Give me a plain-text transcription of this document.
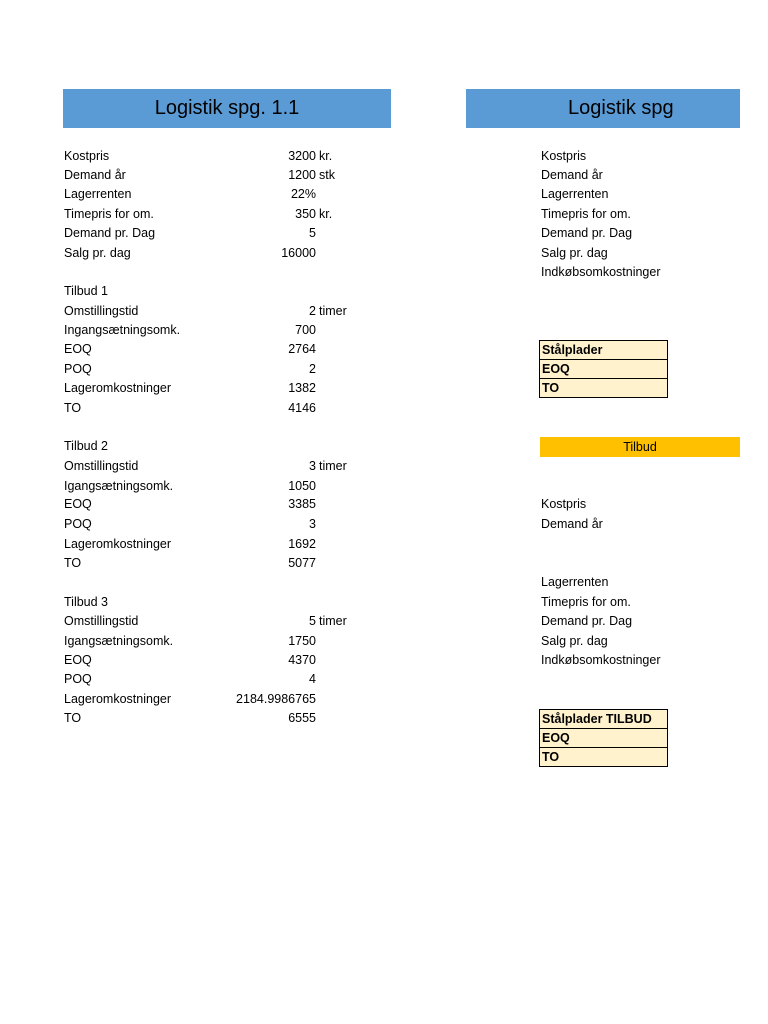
Logistik spg. 1.1	Logistik spg
Kostpris	3200 kr.
Demand år	1200 stk
Lagerrenten	22%
Timepris for om.	350 kr.
Demand pr. Dag	5
Salg pr. dag	16000
Tilbud 1
Omstillingstid	2 timer
Ingangsætningsomk.	700
EOQ	2764
POQ	2
Lageromkostninger	1382
TO	4146
Tilbud 2
Omstillingstid	3 timer
Igangsætningsomk.	1050
EOQ	3385
POQ	3
Lageromkostninger	1692
TO	5077
Tilbud 3
Omstillingstid	5 timer
Igangsætningsomk.	1750
EOQ	4370
POQ	4
Lageromkostninger	2184.9986765
TO	6555
Kostpris
Demand år
Lagerrenten
Timepris for om.
Demand pr. Dag
Salg pr. dag
Indkøbsomkostninger
Stålplader
EOQ
TO
Tilbud
Kostpris
Demand år
Lagerrenten
Timepris for om.
Demand pr. Dag
Salg pr. dag
Indkøbsomkostninger
Stålplader TILBUD
EOQ
TO
